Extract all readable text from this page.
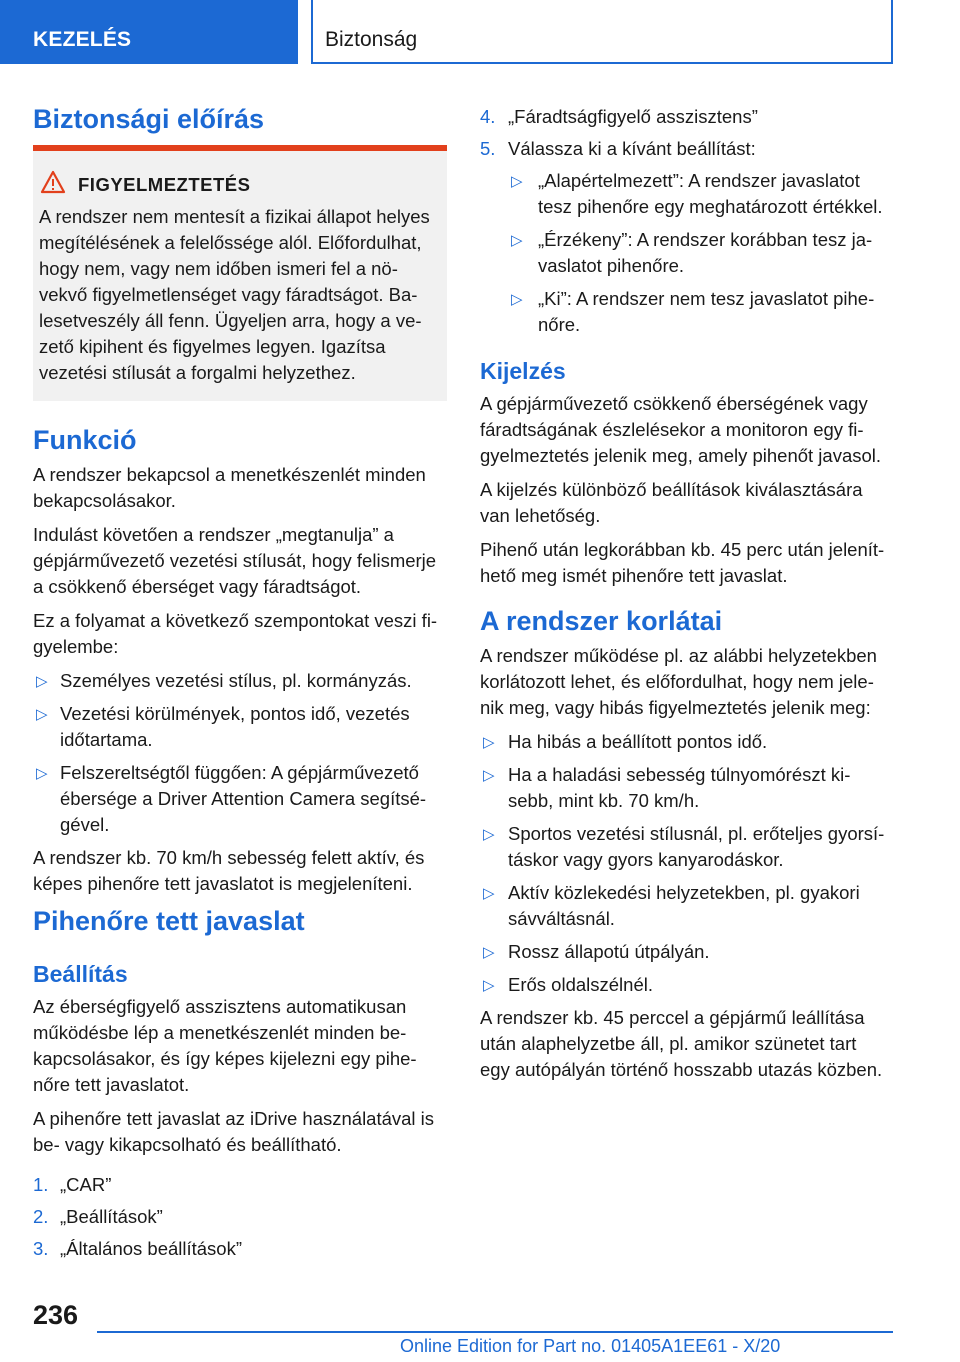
KEZELÉS	Biztonság
Biztonsági előírás
FIGYELMEZTETÉS
Funkció
Pihenőre tett javaslat
Beállítás
Kijelzés
A rendszer korlátai
236
Online Edition for Part no. 01405A1EE61 - X/20
A rendszer nem mentesít a fizikai állapot helyes
megítélésének a felelőssége alól. Előfordulhat,
hogy nem, vagy nem időben ismeri fel a nö-
vekvő figyelmetlenséget vagy fáradtságot. Ba-
lesetveszély áll fenn. Ügyeljen arra, hogy a ve-
zető kipihent és figyelmes legyen. Igazítsa
vezetési stílusát a forgalmi helyzethez.
A rendszer bekapcsol a menetkészenlét minden
bekapcsolásakor.
Indulást követően a rendszer „megtanulja” a
gépjárművezető vezetési stílusát, hogy felismerje
a csökkenő éberséget vagy fáradtságot.
Ez a folyamat a következő szempontokat veszi fi-
gyelembe:
▷ Személyes vezetési stílus, pl. kormányzás.
▷ Vezetési körülmények, pontos idő, vezetés
időtartama.
▷ Felszereltségtől függően: A gépjárművezető
ébersége a Driver Attention Camera segítsé-
gével.
A rendszer kb. 70 km/h sebesség felett aktív, és
képes pihenőre tett javaslatot is megjeleníteni.
Az éberségfigyelő asszisztens automatikusan
működésbe lép a menetkészenlét minden be-
kapcsolásakor, és így képes kijelezni egy pihe-
nőre tett javaslatot.
A pihenőre tett javaslat az iDrive használatával is
be- vagy kikapcsolható és beállítható.
1. „CAR”
2. „Beállítások”
3. „Általános beállítások”
4. „Fáradtságfigyelő asszisztens”
5. Válassza ki a kívánt beállítást:
▷ „Alapértelmezett”: A rendszer javaslatot
tesz pihenőre egy meghatározott értékkel.
▷ „Érzékeny”: A rendszer korábban tesz ja-
vaslatot pihenőre.
▷ „Ki”: A rendszer nem tesz javaslatot pihe-
nőre.
A gépjárművezető csökkenő éberségének vagy
fáradtságának észlelésekor a monitoron egy fi-
gyelmeztetés jelenik meg, amely pihenőt javasol.
A kijelzés különböző beállítások kiválasztására
van lehetőség.
Pihenő után legkorábban kb. 45 perc után jelenít-
hető meg ismét pihenőre tett javaslat.
A rendszer működése pl. az alábbi helyzetekben
korlátozott lehet, és előfordulhat, hogy nem jele-
nik meg, vagy hibás figyelmeztetés jelenik meg:
▷ Ha hibás a beállított pontos idő.
▷ Ha a haladási sebesség túlnyomórészt ki-
sebb, mint kb. 70 km/h.
▷ Sportos vezetési stílusnál, pl. erőteljes gyorsí-
táskor vagy gyors kanyarodáskor.
▷ Aktív közlekedési helyzetekben, pl. gyakori
sávváltásnál.
▷ Rossz állapotú útpályán.
▷ Erős oldalszélnél.
A rendszer kb. 45 perccel a gépjármű leállítása
után alaphelyzetbe áll, pl. amikor szünetet tart
egy autópályán történő hosszabb utazás közben.
